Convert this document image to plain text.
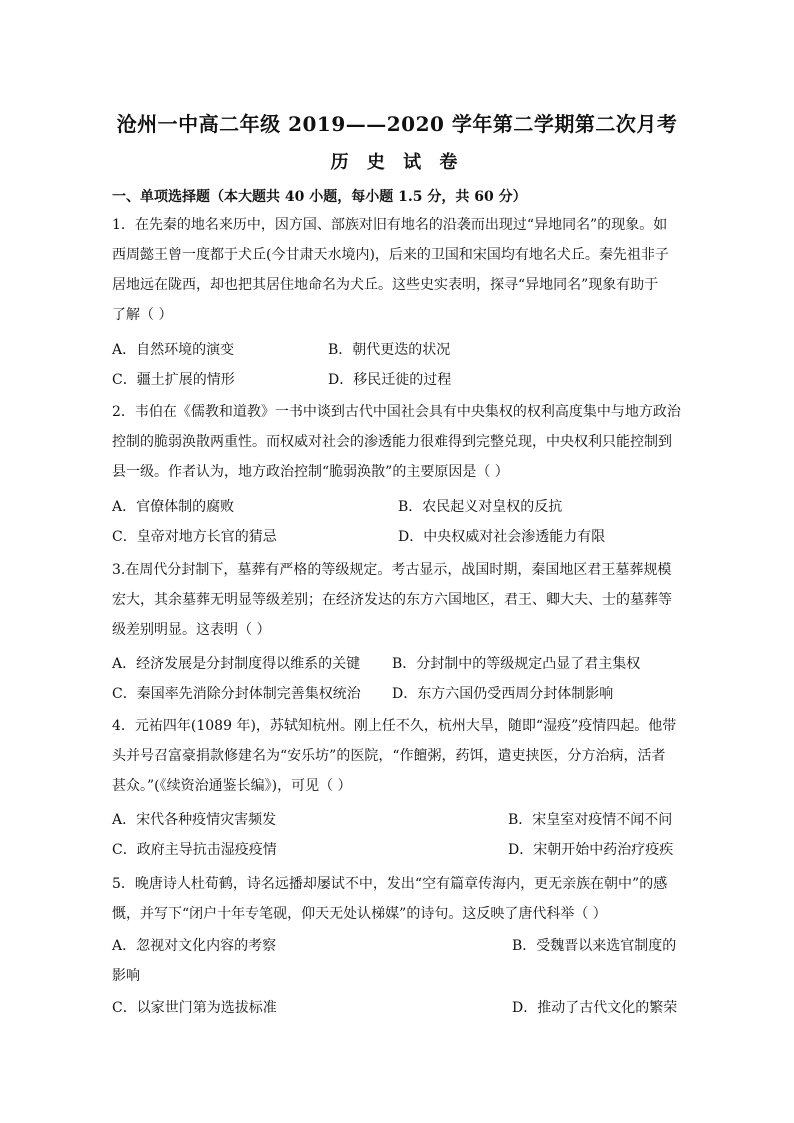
沧州一中高二年级 2019——2020 学年第二学期第二次月考
历 史 试 卷
一、单项选择题（本大题共 40 小题，每小题 1.5 分，共 60 分）
1．在先秦的地名来历中，因方国、部族对旧有地名的沿袭而出现过“异地同名”的现象。如
西周懿王曾一度都于犬丘(今甘肃天水境内)，后来的卫国和宋国均有地名犬丘。秦先祖非子
居地远在陇西，却也把其居住地命名为犬丘。这些史实表明，探寻“异地同名”现象有助于
了解（ ）
A．自然环境的演变	B．朝代更迭的状况
C．疆土扩展的情形	D．移民迁徙的过程
2．韦伯在《儒教和道教》一书中谈到古代中国社会具有中央集权的权利高度集中与地方政治
控制的脆弱涣散两重性。而权威对社会的渗透能力很难得到完整兑现，中央权利只能控制到
县一级。作者认为，地方政治控制“脆弱涣散”的主要原因是（ ）
A．官僚体制的腐败	B．农民起义对皇权的反抗
C．皇帝对地方长官的猜忌	D．中央权威对社会渗透能力有限
3.在周代分封制下，墓葬有严格的等级规定。考古显示，战国时期，秦国地区君王墓葬规模
宏大，其余墓葬无明显等级差别；在经济发达的东方六国地区，君王、卿大夫、士的墓葬等
级差别明显。这表明（ ）
A．经济发展是分封制度得以维系的关键 B．分封制中的等级规定凸显了君主集权
C．秦国率先消除分封体制完善集权统治 D．东方六国仍受西周分封体制影响
4．元祐四年(1089 年)，苏轼知杭州。刚上任不久，杭州大旱，随即“湿疫”疫情四起。他带
头并号召富豪捐款修建名为“安乐坊”的医院，“作饘粥，药饵，遣吏挟医，分方治病，活者
甚众。”(《续资治通鉴长编》)，可见（ ）
A．宋代各种疫情灾害频发	B．宋皇室对疫情不闻不问
C．政府主导抗击湿疫疫情	D．宋朝开始中药治疗疫疾
5．晚唐诗人杜荀鹤，诗名远播却屡试不中，发出“空有篇章传海内，更无亲族在朝中”的感
慨，并写下“闭户十年专笔砚，仰天无处认梯媒”的诗句。这反映了唐代科举（ ）
A．忽视对文化内容的考察	B．受魏晋以来选官制度的
影响
C．以家世门第为选拔标准	D．推动了古代文化的繁荣
